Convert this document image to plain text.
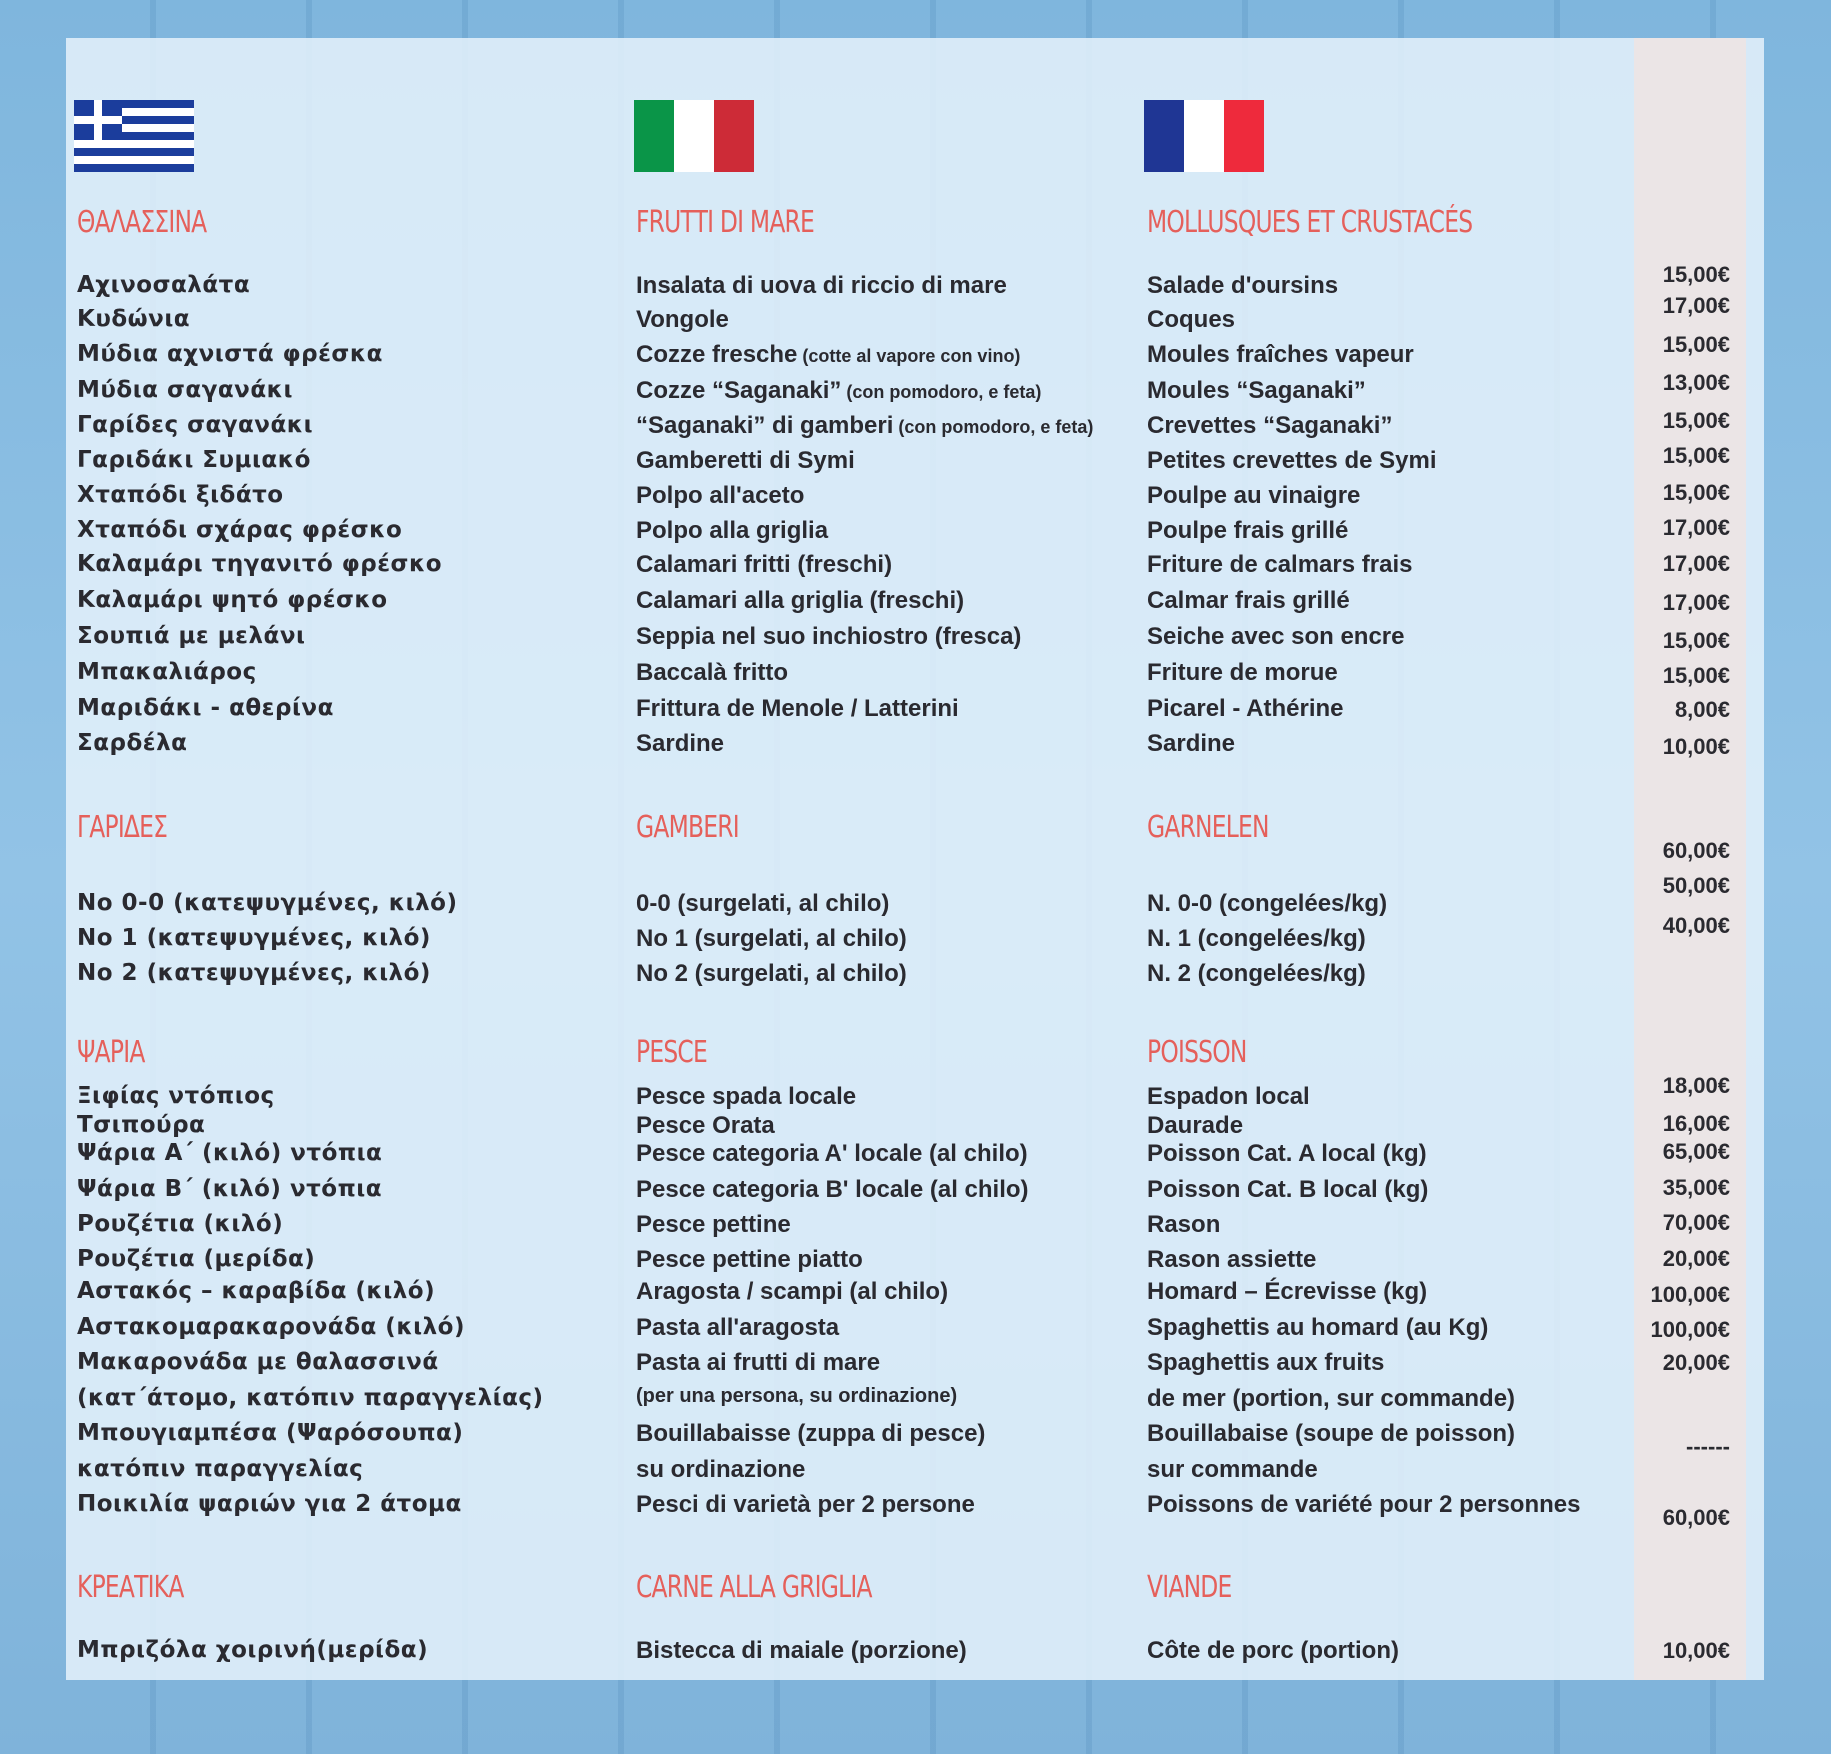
ΘΑΛΑΣΣΙΝΑ
ΓΑΡΙΔΕΣ
ΨΑΡΙΑ
ΚΡΕΑΤΙΚΑ
FRUTTI DI MARE
GAMBERI
PESCE
CARNE ALLA GRIGLIA
MOLLUSQUES ET CRUSTACÉS
GARNELEN
POISSON
VIANDE
Αχινοσαλάτα
Κυδώνια
Μύδια αχνιστά φρέσκα
Μύδια σαγανάκι
Γαρίδες σαγανάκι
Γαριδάκι Συμιακό
Χταπόδι ξιδάτο
Χταπόδι σχάρας φρέσκο
Καλαμάρι τηγανιτό φρέσκο
Καλαμάρι ψητό φρέσκο
Σουπιά με μελάνι
Μπακαλιάρος
Μαριδάκι - αθερίνα
Σαρδέλα
Insalata di uova di riccio di mare
Vongole
Cozze fresche (cotte al vapore con vino)
Cozze “Saganaki” (con pomodoro, e feta)
“Saganaki” di gamberi (con pomodoro, e feta)
Gamberetti di Symi
Polpo all'aceto
Polpo alla griglia
Calamari fritti (freschi)
Calamari alla griglia (freschi)
Seppia nel suo inchiostro (fresca)
Baccalà fritto
Frittura de Menole / Latterini
Sardine
Salade d'oursins
Coques
Moules fraîches vapeur
Moules “Saganaki”
Crevettes “Saganaki”
Petites crevettes de Symi
Poulpe au vinaigre
Poulpe frais grillé
Friture de calmars frais
Calmar frais grillé
Seiche avec son encre
Friture de morue
Picarel - Athérine
Sardine
Νο 0-0 (κατεψυγμένες, κιλό)
Νο 1 (κατεψυγμένες, κιλό)
Νο 2 (κατεψυγμένες, κιλό)
0-0 (surgelati, al chilo)
No 1 (surgelati, al chilo)
No 2 (surgelati, al chilo)
N. 0-0 (congelées/kg)
N. 1 (congelées/kg)
N. 2 (congelées/kg)
Ξιφίας ντόπιος
Τσιπούρα
Ψάρια Α΄ (κιλό) ντόπια
Ψάρια Β΄ (κιλό) ντόπια
Ρουζέτια (κιλό)
Ρουζέτια (μερίδα)
Αστακός – καραβίδα (κιλό)
Αστακομαρακαρονάδα (κιλό)
Μακαρονάδα με θαλασσινά
(κατ΄άτομο, κατόπιν παραγγελίας)
Μπουγιαμπέσα (Ψαρόσουπα)
κατόπιν παραγγελίας
Ποικιλία ψαριών για 2 άτομα
Pesce spada locale
Pesce Orata
Pesce categoria A' locale (al chilo)
Pesce categoria B' locale (al chilo)
Pesce pettine
Pesce pettine piatto
Aragosta / scampi (al chilo)
Pasta all'aragosta
Pasta ai frutti di mare
(per una persona, su ordinazione)
Bouillabaisse (zuppa di pesce)
su ordinazione
Pesci di varietà per 2 persone
Espadon local
Daurade
Poisson Cat. A local (kg)
Poisson Cat. B local (kg)
Rason
Rason assiette
Homard – Écrevisse (kg)
Spaghettis au homard (au Kg)
Spaghettis aux fruits
de mer (portion, sur commande)
Bouillabaise (soupe de poisson)
sur commande
Poissons de variété pour 2 personnes
Μπριζόλα χοιρινή(μερίδα)	Bistecca di maiale (porzione)	Côte de porc (portion)
15,00€
17,00€
15,00€
13,00€
15,00€
15,00€
15,00€
17,00€
17,00€
17,00€
15,00€
15,00€
8,00€
10,00€
60,00€
50,00€
40,00€
18,00€
16,00€
65,00€
35,00€
70,00€
20,00€
100,00€
100,00€
20,00€
------
60,00€
10,00€
